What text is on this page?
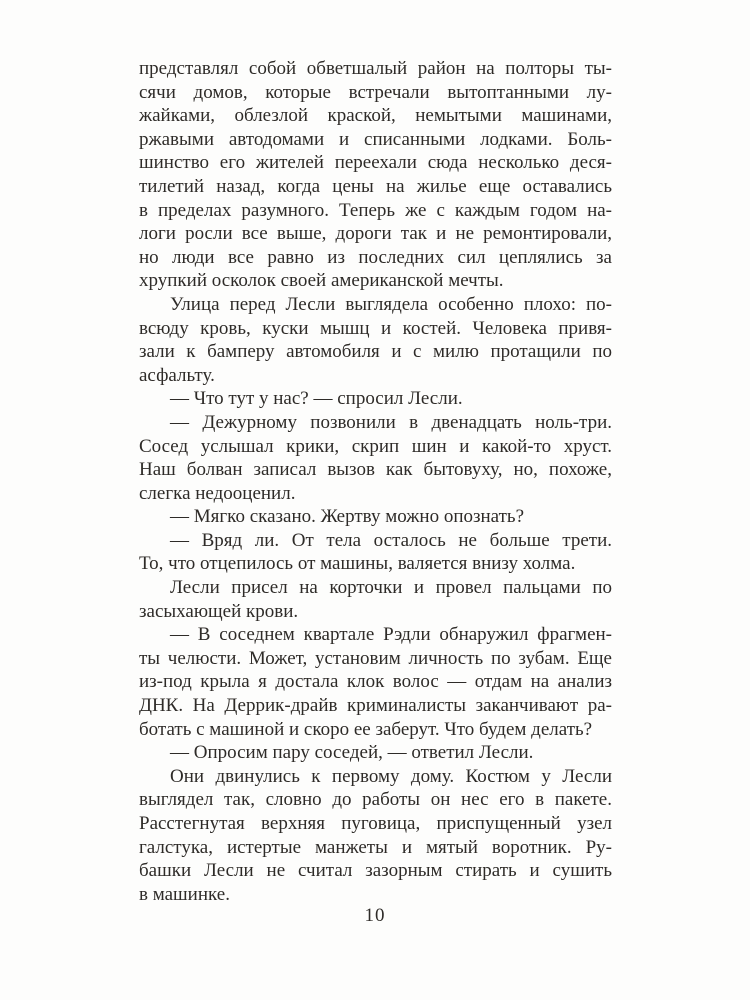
представлял собой обветшалый район на полторы ты-
сячи домов, которые встречали вытоптанными лу-
жайками, облезлой краской, немытыми машинами,
ржавыми автодомами и списанными лодками. Боль-
шинство его жителей переехали сюда несколько деся-
тилетий назад, когда цены на жилье еще оставались
в пределах разумного. Теперь же с каждым годом на-
логи росли все выше, дороги так и не ремонтировали,
но люди все равно из последних сил цеплялись за
хрупкий осколок своей американской мечты.
Улица перед Лесли выглядела особенно плохо: по-
всюду кровь, куски мышц и костей. Человека привя-
зали к бамперу автомобиля и с милю протащили по
асфальту.
— Что тут у нас? — спросил Лесли.
— Дежурному позвонили в двенадцать ноль-три.
Сосед услышал крики, скрип шин и какой-то хруст.
Наш болван записал вызов как бытовуху, но, похоже,
слегка недооценил.
— Мягко сказано. Жертву можно опознать?
— Вряд ли. От тела осталось не больше трети.
То, что отцепилось от машины, валяется внизу холма.
Лесли присел на корточки и провел пальцами по
засыхающей крови.
— В соседнем квартале Рэдли обнаружил фрагмен-
ты челюсти. Может, установим личность по зубам. Еще
из-под крыла я достала клок волос — отдам на анализ
ДНК. На Деррик-драйв криминалисты заканчивают ра-
ботать с машиной и скоро ее заберут. Что будем делать?
— Опросим пару соседей, — ответил Лесли.
Они двинулись к первому дому. Костюм у Лесли
выглядел так, словно до работы он нес его в пакете.
Расстегнутая верхняя пуговица, приспущенный узел
галстука, истертые манжеты и мятый воротник. Ру-
башки Лесли не считал зазорным стирать и сушить
в машинке.
10
